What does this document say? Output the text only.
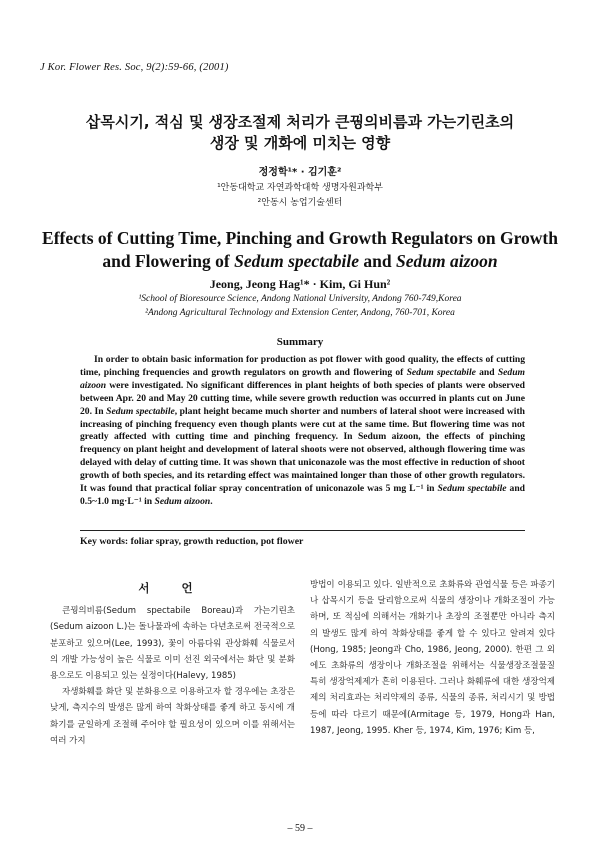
J Kor. Flower Res. Soc, 9(2):59-66, (2001)
삽목시기, 적심 및 생장조절제 처리가 큰꿩의비름과 가는기린초의
생장 및 개화에 미치는 영향
정정학¹* · 김기훈²
¹안동대학교 자연과학대학 생명자원과학부
²안동시 농업기술센터
Effects of Cutting Time, Pinching and Growth Regulators on Growth
and Flowering of Sedum spectabile and Sedum aizoon
Jeong, Jeong Hag¹* · Kim, Gi Hun²
¹School of Bioresource Science, Andong National University, Andong 760-749,Korea
²Andong Agricultural Technology and Extension Center, Andong, 760-701, Korea
Summary

In order to obtain basic information for production as pot flower with good quality, the effects of cutting time, pinching frequencies and growth regulators on growth and flowering of Sedum spectabile and Sedum aizoon were investigated. No significant differences in plant heights of both species of plants were observed between Apr. 20 and May 20 cutting time, while severe growth reduction was occurred in plants cut on June 20. In Sedum spectabile, plant height became much shorter and numbers of lateral shoot were increased with increasing of pinching frequency even though plants were cut at the same time. But flowering time was not greatly affected with cutting time and pinching frequency. In Sedum aizoon, the effects of pinching frequency on plant height and development of lateral shoots were not observed, although flowering time was delayed with delay of cutting time. It was shown that uniconazole was the most effective in reduction of shoot growth of both species, and its retarding effect was maintained longer than those of other growth regulators. It was found that practical foliar spray concentration of uniconazole was 5 mg L⁻¹ in Sedum spectabile and 0.5~1.0 mg·L⁻¹ in Sedum aizoon.

Key words: foliar spray, growth reduction, pot flower
서 언

큰꿩의비름(Sedum spectabile Boreau)과 가는기린초(Sedum aizoon L.)는 돌나물과에 속하는 다년초로써 전국적으로 분포하고 있으며(Lee, 1993), 꽃이 아름다워 관상화훼 식물로서의 개발 가능성이 높은 식물로 이미 선진 외국에서는 화단 및 분화용으로도 이용되고 있는 실정이다(Halevy, 1985)

자생화훼를 화단 및 분화용으로 이용하고자 할 경우에는 초장은 낮게, 측지수의 발생은 많게 하여 착화상태를 좋게 하고 동시에 개화기를 균일하게 조절해 주어야 할 필요성이 있으며 이를 위해서는 여러 가지

방법이 이용되고 있다. 일반적으로 초화류와 관엽식물 등은 파종기나 삽목시기 등을 달리함으로써 식물의 생장이나 개화조절이 가능하며, 또 적심에 의해서는 개화기나 초장의 조절뿐만 아니라 측지의 발생도 많게 하여 착화상태를 좋게 할 수 있다고 알려져 있다(Hong, 1985; Jeong과 Cho, 1986, Jeong, 2000). 한편 그 외에도 초화류의 생장이나 개화조절을 위해서는 식물생장조절물질 특히 생장억제제가 흔히 이용된다. 그러나 화훼류에 대한 생장억제제의 처리효과는 처리약제의 종류, 식물의 종류, 처리시기 및 방법 등에 따라 다르기 때문에(Armitage 등, 1979, Hong과 Han, 1987, Jeong, 1995. Kher 등, 1974, Kim, 1976; Kim 등,

– 59 –
